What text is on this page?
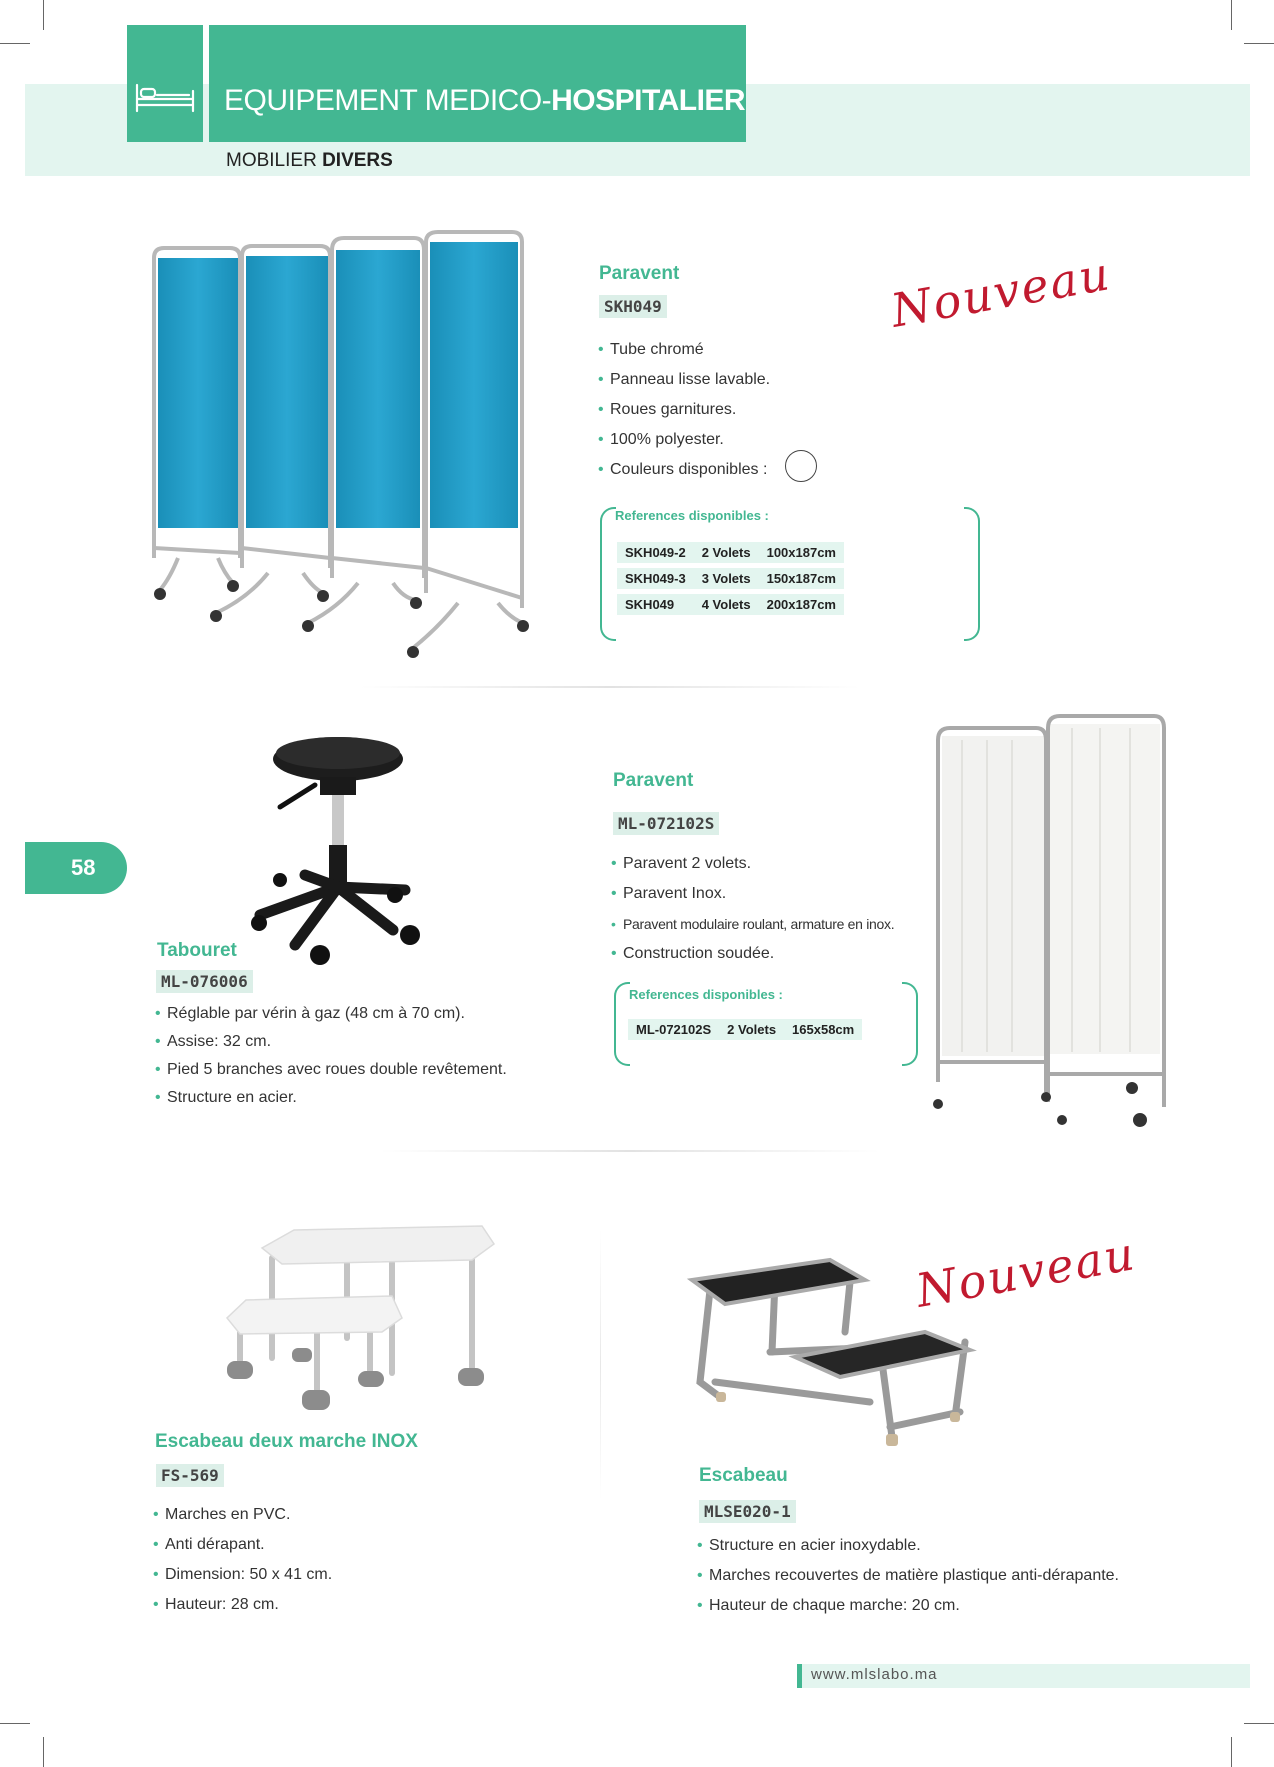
EQUIPEMENT MEDICO-HOSPITALIER
MOBILIER DIVERS
Paravent
SKH049
• Tube chromé
• Panneau lisse lavable.
• Roues garnitures.
• 100% polyester.
• Couleurs disponibles :
Nouveau
References disponibles :
SKH049-2	2 Volets	100x187cm
SKH049-3	3 Volets	150x187cm
SKH049	4 Volets	200x187cm
Tabouret
ML-076006
• Réglable par vérin à gaz (48 cm à 70 cm).
• Assise: 32 cm.
• Pied 5 branches avec roues double revêtement.
• Structure en acier.
Paravent
ML-072102S
• Paravent 2 volets.
• Paravent Inox.
• Paravent modulaire roulant, armature en inox.
• Construction soudée.
References disponibles :
ML-072102S	2 Volets	165x58cm
58
Escabeau deux marche INOX
FS-569
• Marches en PVC.
• Anti dérapant.
• Dimension: 50 x 41 cm.
• Hauteur: 28 cm.
Nouveau
Escabeau
MLSE020-1
• Structure en acier inoxydable.
• Marches recouvertes de matière plastique anti-dérapante.
• Hauteur de chaque marche: 20 cm.
www.mlslabo.ma
